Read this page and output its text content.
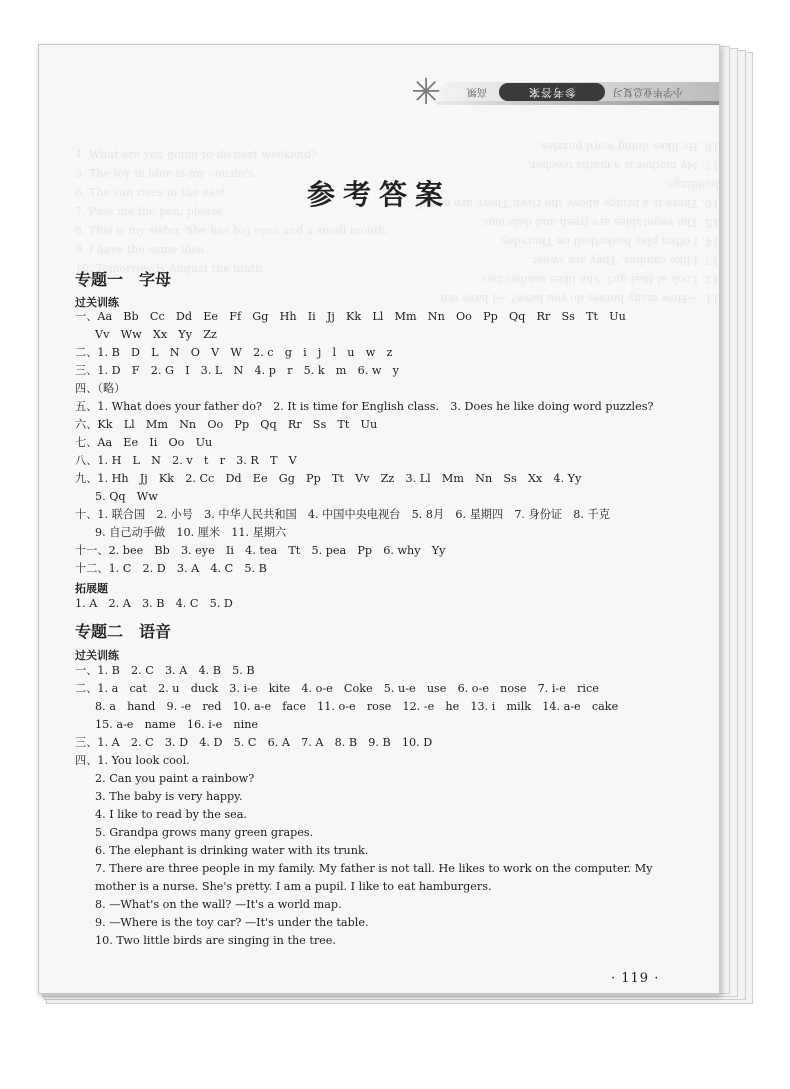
4. What are you going to do next weekend?
5. The toy in blue is my cousin's.
6. The sun rises in the east.
7. Pass me the pen, please.
8. This is my sister. She has big eyes and a small mouth.
9. I have the same idea.
10. Tomorrow is August the ninth.
11. —How many horses do you have? —I have ten.
12. Look at that girl. She likes sandwiches.
13. I like candies. They are sweet.
14. I often play basketball on Thursday.
15. The vegetables are fresh and delicious.
16. There is a bridge above the river. There are no tall buildings.
17. My mother is a maths teacher.
18. He likes doing word puzzles.
✳	高频	参考答案	小学毕业总复习
参考答案
专题一　字母
过关训练
一、Aa　Bb　Cc　Dd　Ee　Ff　Gg　Hh　Ii　Jj　Kk　Ll　Mm　Nn　Oo　Pp　Qq　Rr　Ss　Tt　Uu
Vv　Ww　Xx　Yy　Zz
二、1. B　D　L　N　O　V　W　2. c　g　i　j　l　u　w　z
三、1. D　F　2. G　I　3. L　N　4. p　r　5. k　m　6. w　y
四、（略）
五、1. What does your father do?　2. It is time for English class.　3. Does he like doing word puzzles?
六、Kk　Ll　Mm　Nn　Oo　Pp　Qq　Rr　Ss　Tt　Uu
七、Aa　Ee　Ii　Oo　Uu
八、1. H　L　N　2. v　t　r　3. R　T　V
九、1. Hh　Jj　Kk　2. Cc　Dd　Ee　Gg　Pp　Tt　Vv　Zz　3. Ll　Mm　Nn　Ss　Xx　4. Yy
5. Qq　Ww
十、1. 联合国　2. 小号　3. 中华人民共和国　4. 中国中央电视台　5. 8月　6. 星期四　7. 身份证　8. 千克
9. 自己动手做　10. 厘米　11. 星期六
十一、2. bee　Bb　3. eye　Ii　4. tea　Tt　5. pea　Pp　6. why　Yy
十二、1. C　2. D　3. A　4. C　5. B
拓展题
1. A　2. A　3. B　4. C　5. D
专题二　语音
过关训练
一、1. B　2. C　3. A　4. B　5. B
二、1. a　cat　2. u　duck　3. i-e　kite　4. o-e　Coke　5. u-e　use　6. o-e　nose　7. i-e　rice
8. a　hand　9. -e　red　10. a-e　face　11. o-e　rose　12. -e　he　13. i　milk　14. a-e　cake
15. a-e　name　16. i-e　nine
三、1. A　2. C　3. D　4. D　5. C　6. A　7. A　8. B　9. B　10. D
四、1. You look cool.
2. Can you paint a rainbow?
3. The baby is very happy.
4. I like to read by the sea.
5. Grandpa grows many green grapes.
6. The elephant is drinking water with its trunk.
7. There are three people in my family. My father is not tall. He likes to work on the computer. My
mother is a nurse. She's pretty. I am a pupil. I like to eat hamburgers.
8. —What's on the wall? —It's a world map.
9. —Where is the toy car? —It's under the table.
10. Two little birds are singing in the tree.
· 119 ·
